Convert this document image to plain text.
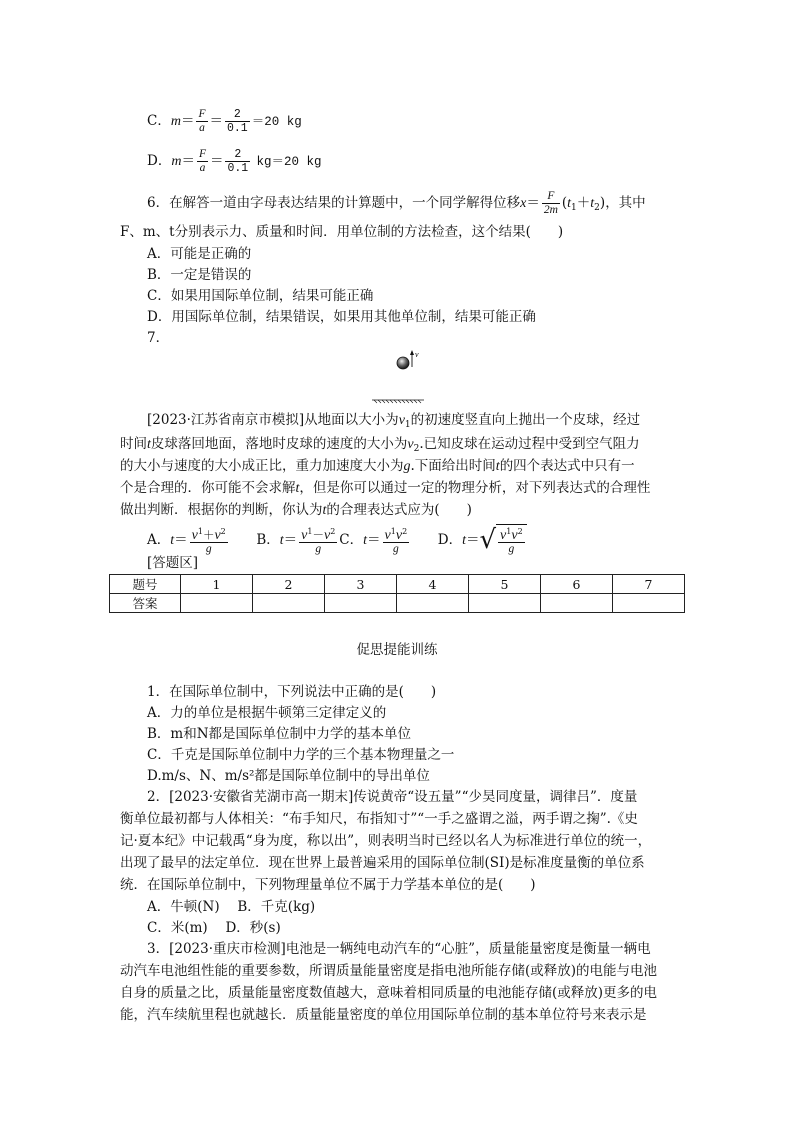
C．$m= \frac{F}{a} = \frac{2}{0.1} =20$ kg
D．$m= \frac{F}{a} = \frac{2}{0.1} kg=20$ kg
6．在解答一道由字母表达结果的计算题中，一个同学解得位移$x= \frac{F}{2m} (t_1+t_2)$，其中
F、m、t分别表示力、质量和时间．用单位制的方法检查，这个结果(　　)
A．可能是正确的
B．一定是错误的
C．如果用国际单位制，结果可能正确
D．用国际单位制，结果错误，如果用其他单位制，结果可能正确
7．
v
[2023·江苏省南京市模拟]从地面以大小为$v_1$的初速度竖直向上抛出一个皮球，经过
时间t皮球落回地面，落地时皮球的速度的大小为$v_2$.已知皮球在运动过程中受到空气阻力
的大小与速度的大小成正比，重力加速度大小为g.下面给出时间t的四个表达式中只有一
个是合理的．你可能不会求解t，但是你可以通过一定的物理分析，对下列表达式的合理性
做出判断．根据你的判断，你认为t的合理表达式应为(　　)
A．$t= \frac{v^1+v^2}{g}$ B．$t= \frac{v^1-v^2}{g}$ C．$t= \frac{v^1v^2}{g}$ D．$t=√ \frac{v^1v^2}{g}$
[答题区]
题号	1	2	3	4	5	6	7
答案							
促思提能训练
1．在国际单位制中，下列说法中正确的是(　　)
A．力的单位是根据牛顿第三定律定义的
B．m和N都是国际单位制中力学的基本单位
C．千克是国际单位制中力学的三个基本物理量之一
D.m/s、N、m/s²都是国际单位制中的导出单位
2．[2023·安徽省芜湖市高一期末]传说黄帝“设五量”“少昊同度量，调律吕”．度量
衡单位最初都与人体相关：“布手知尺，布指知寸”“一手之盛谓之溢，两手谓之掬”.《史
记·夏本纪》中记载禹“身为度，称以出”，则表明当时已经以名人为标准进行单位的统一，
出现了最早的法定单位．现在世界上最普遍采用的国际单位制(SI)是标准度量衡的单位系
统．在国际单位制中，下列物理量单位不属于力学基本单位的是(　　)
A．牛顿(N)　 B．千克(kg)
C．米(m)　 D．秒(s)
3．[2023·重庆市检测]电池是一辆纯电动汽车的“心脏”，质量能量密度是衡量一辆电
动汽车电池组性能的重要参数，所谓质量能量密度是指电池所能存储(或释放)的电能与电池
自身的质量之比，质量能量密度数值越大，意味着相同质量的电池能存储(或释放)更多的电
能，汽车续航里程也就越长．质量能量密度的单位用国际单位制的基本单位符号来表示是
